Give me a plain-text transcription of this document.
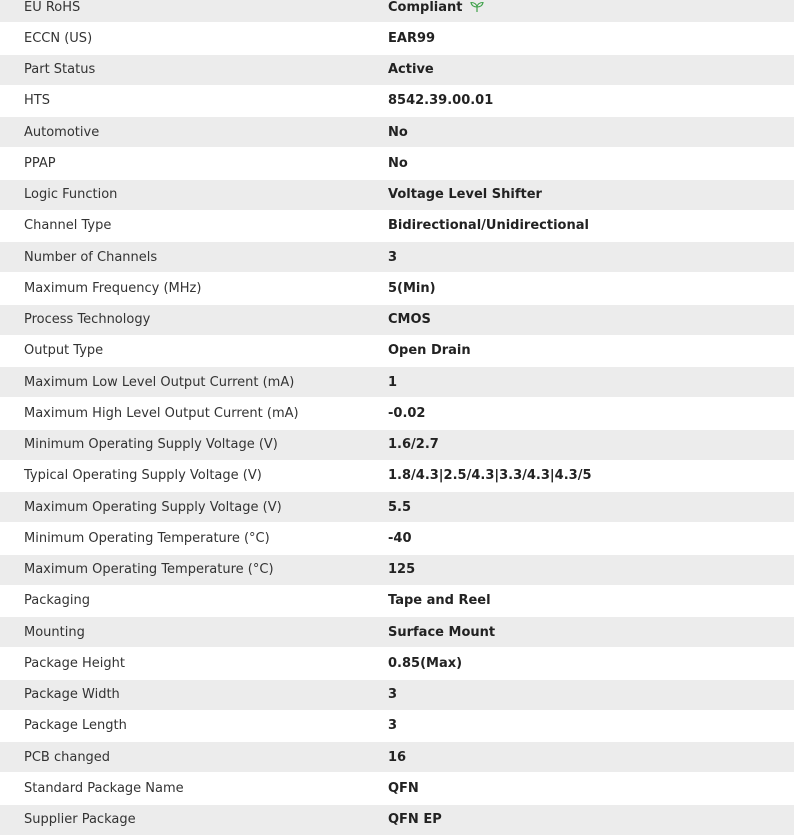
EU RoHS	Compliant
ECCN (US)	EAR99
Part Status	Active
HTS	8542.39.00.01
Automotive	No
PPAP	No
Logic Function	Voltage Level Shifter
Channel Type	Bidirectional/Unidirectional
Number of Channels	3
Maximum Frequency (MHz)	5(Min)
Process Technology	CMOS
Output Type	Open Drain
Maximum Low Level Output Current (mA)	1
Maximum High Level Output Current (mA)	-0.02
Minimum Operating Supply Voltage (V)	1.6/2.7
Typical Operating Supply Voltage (V)	1.8/4.3|2.5/4.3|3.3/4.3|4.3/5
Maximum Operating Supply Voltage (V)	5.5
Minimum Operating Temperature (°C)	-40
Maximum Operating Temperature (°C)	125
Packaging	Tape and Reel
Mounting	Surface Mount
Package Height	0.85(Max)
Package Width	3
Package Length	3
PCB changed	16
Standard Package Name	QFN
Supplier Package	QFN EP
